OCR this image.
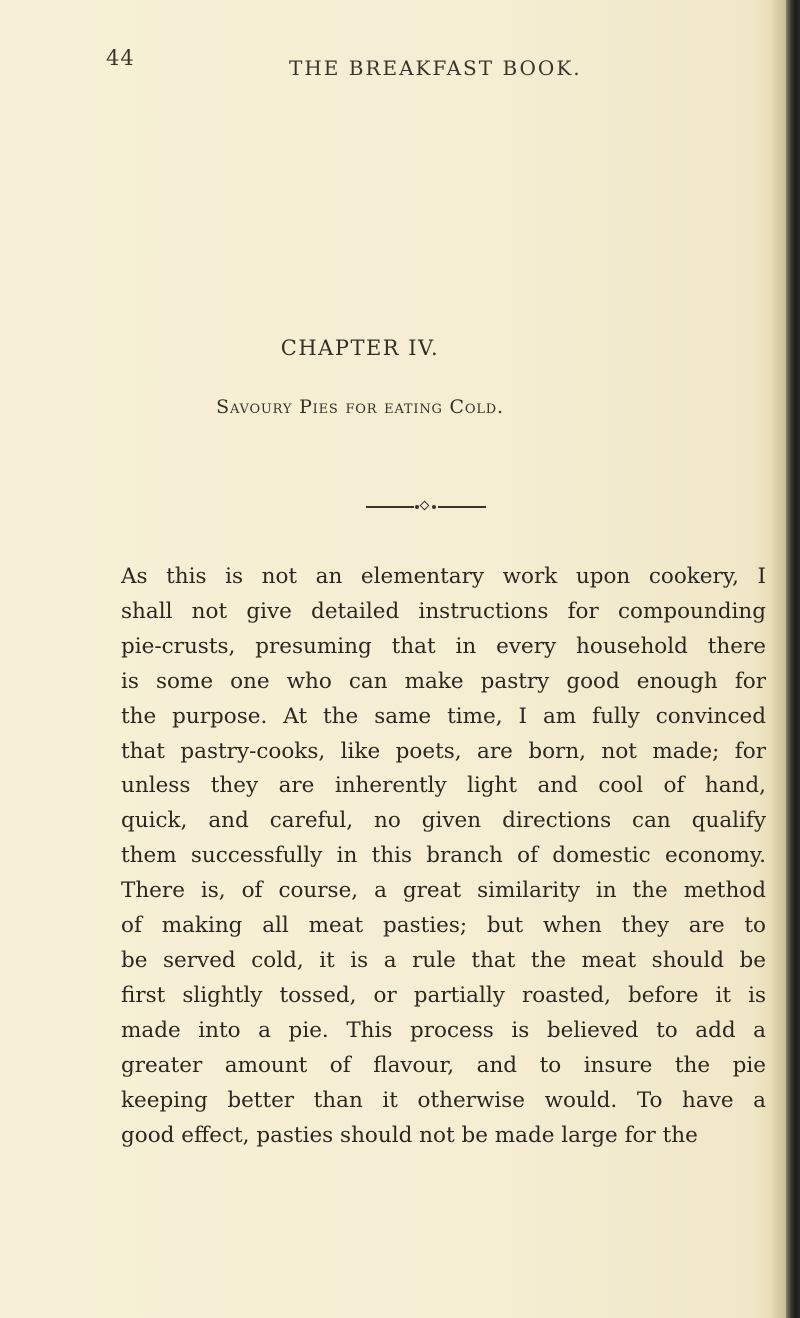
44	THE BREAKFAST BOOK.
CHAPTER IV.
Savoury Pies for eating Cold.
As this is not an elementary work upon cookery, I
shall not give detailed instructions for compounding
pie-crusts, presuming that in every household there
is some one who can make pastry good enough for
the purpose. At the same time, I am fully convinced
that pastry-cooks, like poets, are born, not made; for
unless they are inherently light and cool of hand,
quick, and careful, no given directions can qualify
them successfully in this branch of domestic economy.
There is, of course, a great similarity in the method
of making all meat pasties; but when they are to
be served cold, it is a rule that the meat should be
first slightly tossed, or partially roasted, before it is
made into a pie. This process is believed to add a
greater amount of flavour, and to insure the pie
keeping better than it otherwise would. To have a
good effect, pasties should not be made large for the
